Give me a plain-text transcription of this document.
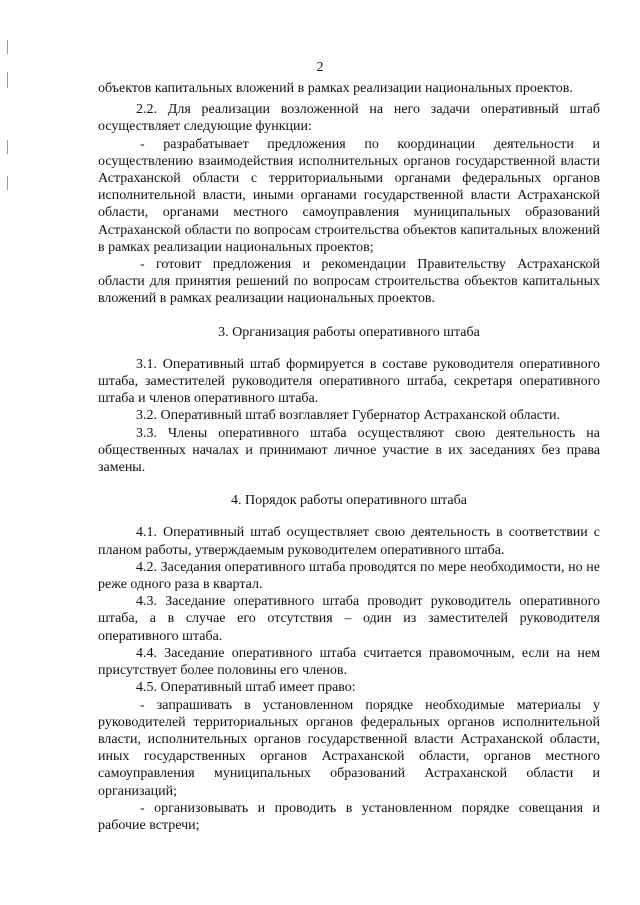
2

объектов капитальных вложений в рамках реализации национальных проектов.

2.2. Для реализации возложенной на него задачи оперативный штаб осуществляет следующие функции:

- разрабатывает предложения по координации деятельности и осуществлению взаимодействия исполнительных органов государственной власти Астраханской области с территориальными органами федеральных органов исполнительной власти, иными органами государственной власти Астраханской области, органами местного самоуправления муниципальных образований Астраханской области по вопросам строительства объектов капитальных вложений в рамках реализации национальных проектов;

- готовит предложения и рекомендации Правительству Астраханской области для принятия решений по вопросам строительства объектов капитальных вложений в рамках реализации национальных проектов.

3. Организация работы оперативного штаба

3.1. Оперативный штаб формируется в составе руководителя оперативного штаба, заместителей руководителя оперативного штаба, секретаря оперативного штаба и членов оперативного штаба.

3.2. Оперативный штаб возглавляет Губернатор Астраханской области.

3.3. Члены оперативного штаба осуществляют свою деятельность на общественных началах и принимают личное участие в их заседаниях без права замены.

4. Порядок работы оперативного штаба

4.1. Оперативный штаб осуществляет свою деятельность в соответствии с планом работы, утверждаемым руководителем оперативного штаба.

4.2. Заседания оперативного штаба проводятся по мере необходимости, но не реже одного раза в квартал.

4.3. Заседание оперативного штаба проводит руководитель оперативного штаба, а в случае его отсутствия – один из заместителей руководителя оперативного штаба.

4.4. Заседание оперативного штаба считается правомочным, если на нем присутствует более половины его членов.

4.5. Оперативный штаб имеет право:

- запрашивать в установленном порядке необходимые материалы у руководителей территориальных органов федеральных органов исполнительной власти, исполнительных органов государственной власти Астраханской области, иных государственных органов Астраханской области, органов местного самоуправления муниципальных образований Астраханской области и организаций;

- организовывать и проводить в установленном порядке совещания и рабочие встречи;
